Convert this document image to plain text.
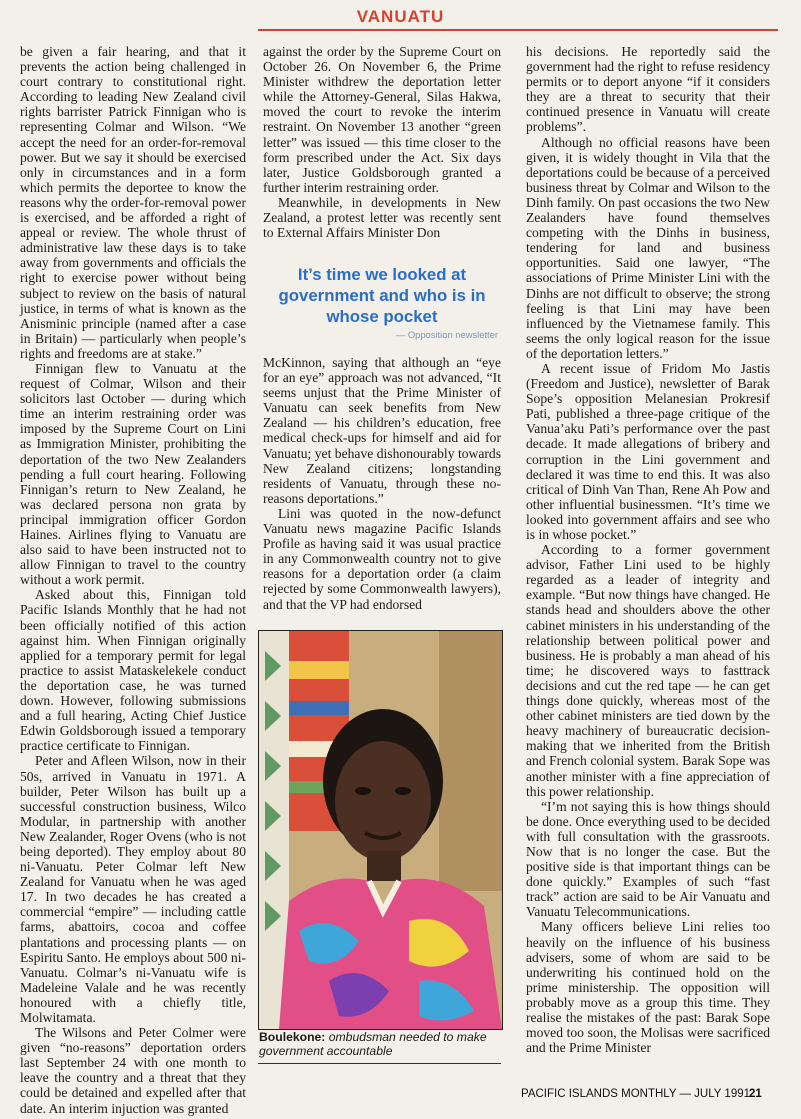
VANUATU

be given a fair hearing, and that it prevents the action being challenged in court contrary to constitutional right. According to leading New Zealand civil rights barrister Patrick Finnigan who is representing Colmar and Wilson. “We accept the need for an order-for-removal power. But we say it should be exercised only in circumstances and in a form which permits the deportee to know the reasons why the order-for-removal power is exercised, and be afforded a right of appeal or review. The whole thrust of administrative law these days is to take away from governments and officials the right to exercise power without being subject to review on the basis of natural justice, in terms of what is known as the Anisminic principle (named after a case in Britain) — particularly when people’s rights and freedoms are at stake.”

Finnigan flew to Vanuatu at the request of Colmar, Wilson and their solicitors last October — during which time an interim restraining order was imposed by the Supreme Court on Lini as Immigration Minister, prohibiting the deportation of the two New Zealanders pending a full court hearing. Following Finnigan’s return to New Zealand, he was declared persona non grata by principal immigration officer Gordon Haines. Airlines flying to Vanuatu are also said to have been instructed not to allow Finnigan to travel to the country without a work permit.

Asked about this, Finnigan told Pacific Islands Monthly that he had not been officially notified of this action against him. When Finnigan originally applied for a temporary permit for legal practice to assist Mataskelekele conduct the deportation case, he was turned down. However, following submissions and a full hearing, Acting Chief Justice Edwin Goldsborough issued a temporary practice certificate to Finnigan.

Peter and Afleen Wilson, now in their 50s, arrived in Vanuatu in 1971. A builder, Peter Wilson has built up a successful construction business, Wilco Modular, in partnership with another New Zealander, Roger Ovens (who is not being deported). They employ about 80 ni-Vanuatu. Peter Colmar left New Zealand for Vanuatu when he was aged 17. In two decades he has created a commercial “empire” — including cattle farms, abattoirs, cocoa and coffee plantations and processing plants — on Espiritu Santo. He employs about 500 ni-Vanuatu. Colmar’s ni-Vanuatu wife is Madeleine Valale and he was recently honoured with a chiefly title, Molwitamata.

The Wilsons and Peter Colmer were given “no-reasons” deportation orders last September 24 with one month to leave the country and a threat that they could be detained and expelled after that date. An interim injuction was granted

against the order by the Supreme Court on October 26. On November 6, the Prime Minister withdrew the deportation letter while the Attorney-General, Silas Hakwa, moved the court to revoke the interim restraint. On November 13 another “green letter” was issued — this time closer to the form prescribed under the Act. Six days later, Justice Goldsborough granted a further interim restraining order.

Meanwhile, in developments in New Zealand, a protest letter was recently sent to External Affairs Minister Don

It’s time we looked at government and who is in whose pocket
— Opposition newsletter

McKinnon, saying that although an “eye for an eye” approach was not advanced, “It seems unjust that the Prime Minister of Vanuatu can seek benefits from New Zealand — his children’s education, free medical check-ups for himself and aid for Vanuatu; yet behave dishonourably towards New Zealand citizens; longstanding residents of Vanuatu, through these no-reasons deportations.”

Lini was quoted in the now-defunct Vanuatu news magazine Pacific Islands Profile as having said it was usual practice in any Commonwealth country not to give reasons for a deportation order (a claim rejected by some Commonwealth lawyers), and that the VP had endorsed

Boulekone: ombudsman needed to make government accountable

his decisions. He reportedly said the government had the right to refuse residency permits or to deport anyone “if it considers they are a threat to security that their continued presence in Vanuatu will create problems”.

Although no official reasons have been given, it is widely thought in Vila that the deportations could be because of a perceived business threat by Colmar and Wilson to the Dinh family. On past occasions the two New Zealanders have found themselves competing with the Dinhs in business, tendering for land and business opportunities. Said one lawyer, “The associations of Prime Minister Lini with the Dinhs are not difficult to observe; the strong feeling is that Lini may have been influenced by the Vietnamese family. This seems the only logical reason for the issue of the deportation letters.”

A recent issue of Fridom Mo Jastis (Freedom and Justice), newsletter of Barak Sope’s opposition Melanesian Prokresif Pati, published a three-page critique of the Vanua’aku Pati’s performance over the past decade. It made allegations of bribery and corruption in the Lini government and declared it was time to end this. It was also critical of Dinh Van Than, Rene Ah Pow and other influential businessmen. “It’s time we looked into government affairs and see who is in whose pocket.”

According to a former government advisor, Father Lini used to be highly regarded as a leader of integrity and example. “But now things have changed. He stands head and shoulders above the other cabinet ministers in his understanding of the relationship between political power and business. He is probably a man ahead of his time; he discovered ways to fasttrack decisions and cut the red tape — he can get things done quickly, whereas most of the other cabinet ministers are tied down by the heavy machinery of bureaucratic decision-making that we inherited from the British and French colonial system. Barak Sope was another minister with a fine appreciation of this power relationship.

“I’m not saying this is how things should be done. Once everything used to be decided with full consultation with the grassroots. Now that is no longer the case. But the positive side is that important things can be done quickly.” Examples of such “fast track” action are said to be Air Vanuatu and Vanuatu Telecommunications.

Many officers believe Lini relies too heavily on the influence of his business advisers, some of whom are said to be underwriting his continued hold on the prime ministership. The opposition will probably move as a group this time. They realise the mistakes of the past: Barak Sope moved too soon, the Molisas were sacrificed and the Prime Minister

PACIFIC ISLANDS MONTHLY — JULY 1991
21
